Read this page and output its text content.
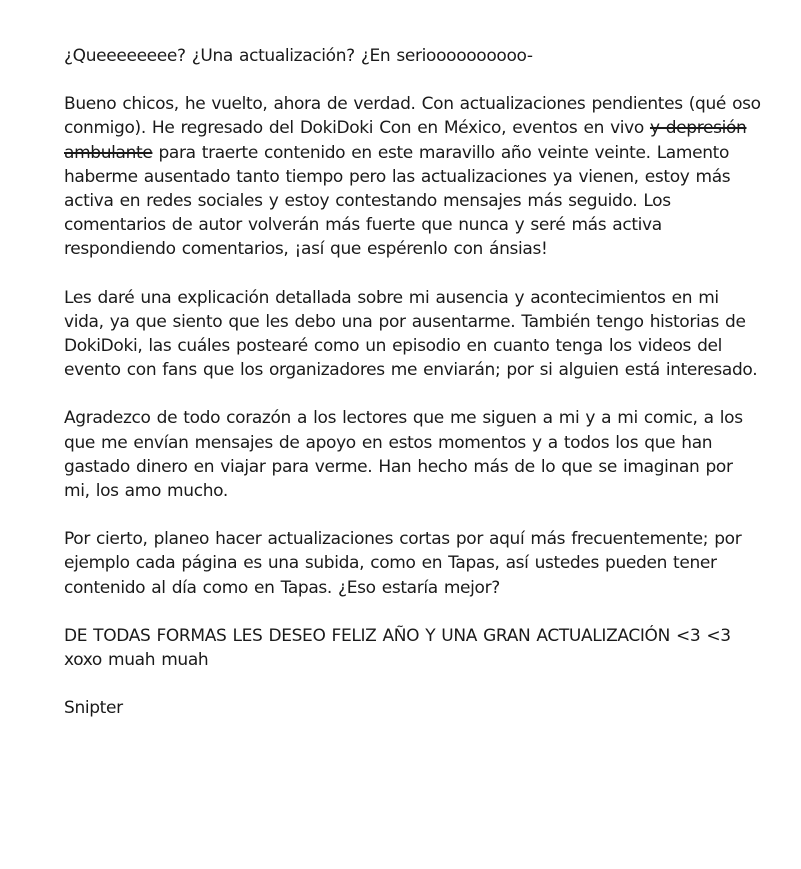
¿Queeeeeeee? ¿Una actualización? ¿En serioooooooooo-

Bueno chicos, he vuelto, ahora de verdad. Con actualizaciones pendientes (qué oso conmigo). He regresado del DokiDoki Con en México, eventos en vivo y depresión ambulante para traerte contenido en este maravillo año veinte veinte. Lamento haberme ausentado tanto tiempo pero las actualizaciones ya vienen, estoy más activa en redes sociales y estoy contestando mensajes más seguido. Los comentarios de autor volverán más fuerte que nunca y seré más activa respondiendo comentarios, ¡así que espérenlo con ánsias!

Les daré una explicación detallada sobre mi ausencia y acontecimientos en mi vida, ya que siento que les debo una por ausentarme. También tengo historias de DokiDoki, las cuáles postearé como un episodio en cuanto tenga los videos del evento con fans que los organizadores me enviarán; por si alguien está interesado.

Agradezco de todo corazón a los lectores que me siguen a mi y a mi comic, a los que me envían mensajes de apoyo en estos momentos y a todos los que han gastado dinero en viajar para verme. Han hecho más de lo que se imaginan por mi, los amo mucho.

Por cierto, planeo hacer actualizaciones cortas por aquí más frecuentemente; por ejemplo cada página es una subida, como en Tapas, así ustedes pueden tener contenido al día como en Tapas. ¿Eso estaría mejor?

DE TODAS FORMAS LES DESEO FELIZ AÑO Y UNA GRAN ACTUALIZACIÓN <3 <3
xoxo muah muah

Snipter
